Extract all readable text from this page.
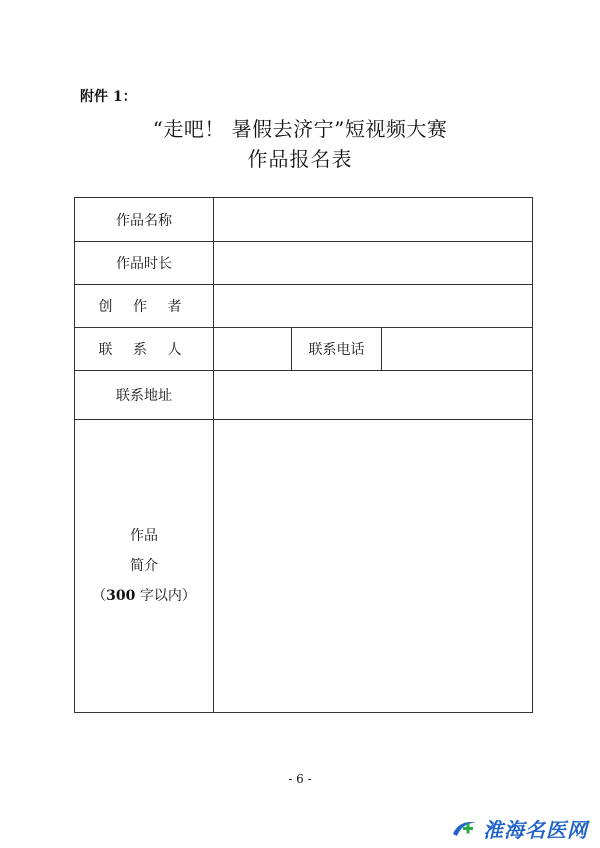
附件 1：
“走吧！ 暑假去济宁”短视频大赛
作品报名表
作品名称			
作品时长			
创 作 者			
联 系 人		联系电话	
联系地址			

作品
简介
（300 字以内）			

- 6 -
淮海名医网
